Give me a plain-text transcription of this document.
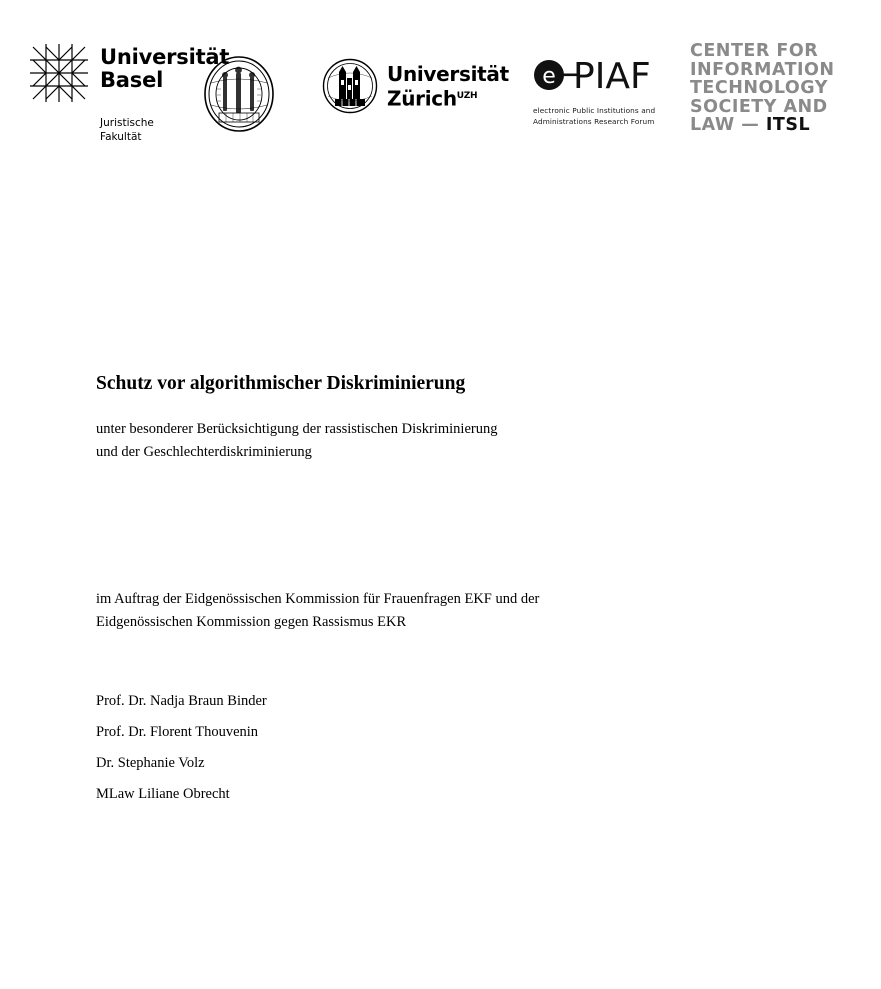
Universität
Basel
Juristische
Fakultät
Universität
Zürich$^{UZH}$
e PIAF
electronic Public Institutions and
Administrations Research Forum
CENTER FOR
INFORMATION
TECHNOLOGY
SOCIETY AND
LAW — ITSL
Schutz vor algorithmischer Diskriminierung

unter besonderer Berücksichtigung der rassistischen Diskriminierung
und der Geschlechterdiskriminierung

im Auftrag der Eidgenössischen Kommission für Frauenfragen EKF und der

Eidgenössischen Kommission gegen Rassismus EKR

Prof. Dr. Nadja Braun Binder

Prof. Dr. Florent Thouvenin

Dr. Stephanie Volz

MLaw Liliane Obrecht
